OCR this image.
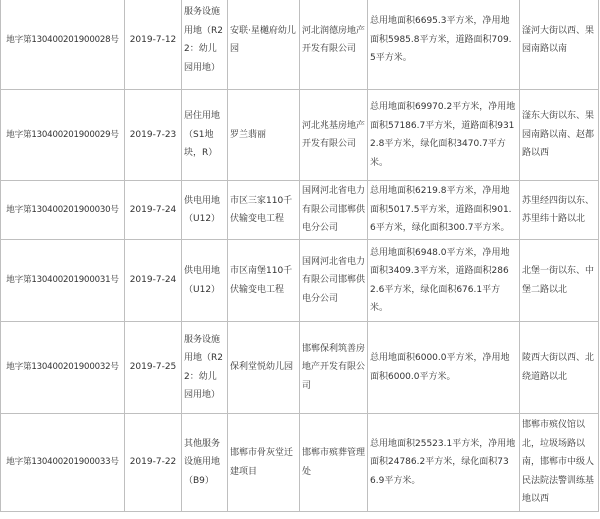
地字第130400201900028号	2019-7-12	服务设施用地（R22：幼儿园用地）	安联·星樾府幼儿园	河北润德房地产开发有限公司	总用地面积6695.3平方米，净用地面积5985.8平方米，道路面积709.5平方米。	滏河大街以西、果园南路以南
地字第130400201900029号	2019-7-23	居住用地（S1地块，R）	罗兰翡丽	河北兆基房地产开发有限公司	总用地面积69970.2平方米，净用地面积57186.7平方米，道路面积9312.8平方米，绿化面积3470.7平方米。	滏东大街以东、果园南路以南、赵都路以西
地字第130400201900030号	2019-7-24	供电用地（U12）	市区三家110千伏输变电工程	国网河北省电力有限公司邯郸供电分公司	总用地面积6219.8平方米，净用地面积5017.5平方米，道路面积901.6平方米，绿化面积300.7平方米。	苏里经四街以东、苏里纬十路以北
地字第130400201900031号	2019-7-24	供电用地（U12）	市区南堡110千伏输变电工程	国网河北省电力有限公司邯郸供电分公司	总用地面积6948.0平方米，净用地面积3409.3平方米，道路面积2862.6平方米，绿化面积676.1平方米。	北堡一街以东、中堡二路以北
地字第130400201900032号	2019-7-25	服务设施用地（R22：幼儿园用地）	保利堂悦幼儿园	邯郸保利筑善房地产开发有限公司	总用地面积6000.0平方米，净用地面积6000.0平方米。	陵西大街以西、北绕道路以北
地字第130400201900033号	2019-7-22	其他服务设施用地（B9）	邯郸市骨灰堂迁建项目	邯郸市殡葬管理处	总用地面积25523.1平方米，净用地面积24786.2平方米，绿化面积736.9平方米。	邯郸市殡仪馆以北，垃圾场路以南，邯郸市中级人民法院法警训练基地以西
